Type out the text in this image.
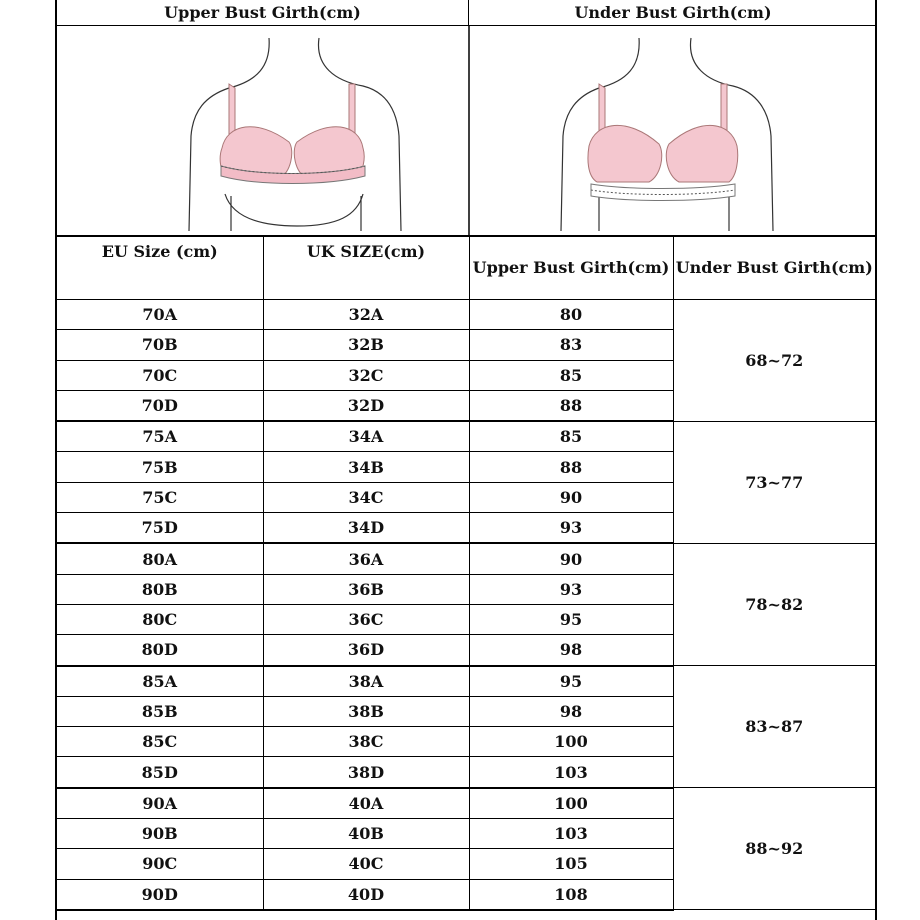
Upper Bust Girth(cm)	Under Bust Girth(cm)
EU Size (cm)	UK SIZE(cm)	Upper Bust Girth(cm)	Under Bust Girth(cm)
70A	32A	80	68~72
70B	32B	83	
70C	32C	85	
70D	32D	88	
75A	34A	85	73~77
75B	34B	88	
75C	34C	90	
75D	34D	93	
80A	36A	90	78~82
80B	36B	93	
80C	36C	95	
80D	36D	98	
85A	38A	95	83~87
85B	38B	98	
85C	38C	100	
85D	38D	103	
90A	40A	100	88~92
90B	40B	103	
90C	40C	105	
90D	40D	108	
